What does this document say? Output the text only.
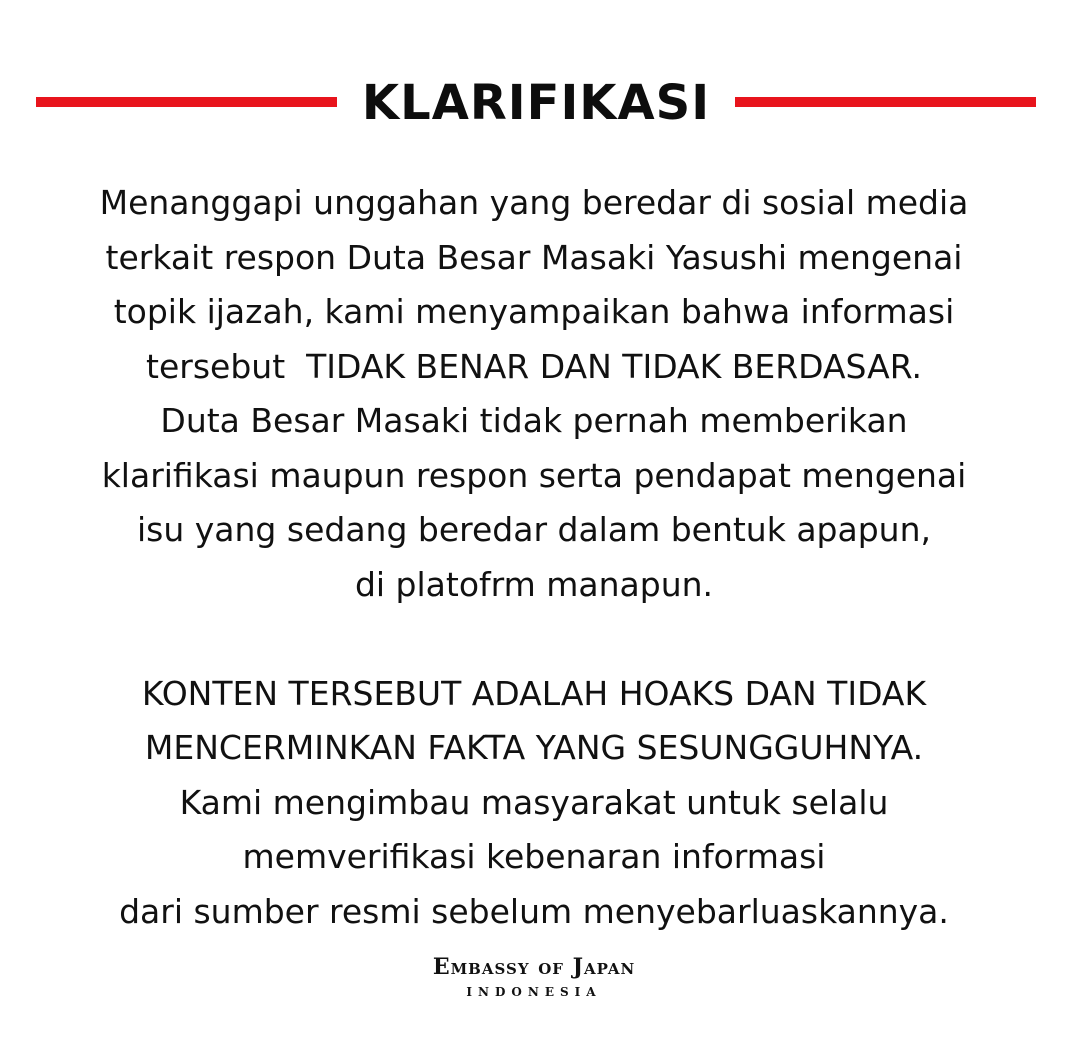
KLARIFIKASI
Menanggapi unggahan yang beredar di sosial media
terkait respon Duta Besar Masaki Yasushi mengenai
topik ijazah, kami menyampaikan bahwa informasi
tersebut  TIDAK BENAR DAN TIDAK BERDASAR.
Duta Besar Masaki tidak pernah memberikan
klarifikasi maupun respon serta pendapat mengenai
isu yang sedang beredar dalam bentuk apapun,
di platofrm manapun.
KONTEN TERSEBUT ADALAH HOAKS DAN TIDAK
MENCERMINKAN FAKTA YANG SESUNGGUHNYA.
Kami mengimbau masyarakat untuk selalu
memverifikasi kebenaran informasi
dari sumber resmi sebelum menyebarluaskannya.
Embassy of Japan
INDONESIA
